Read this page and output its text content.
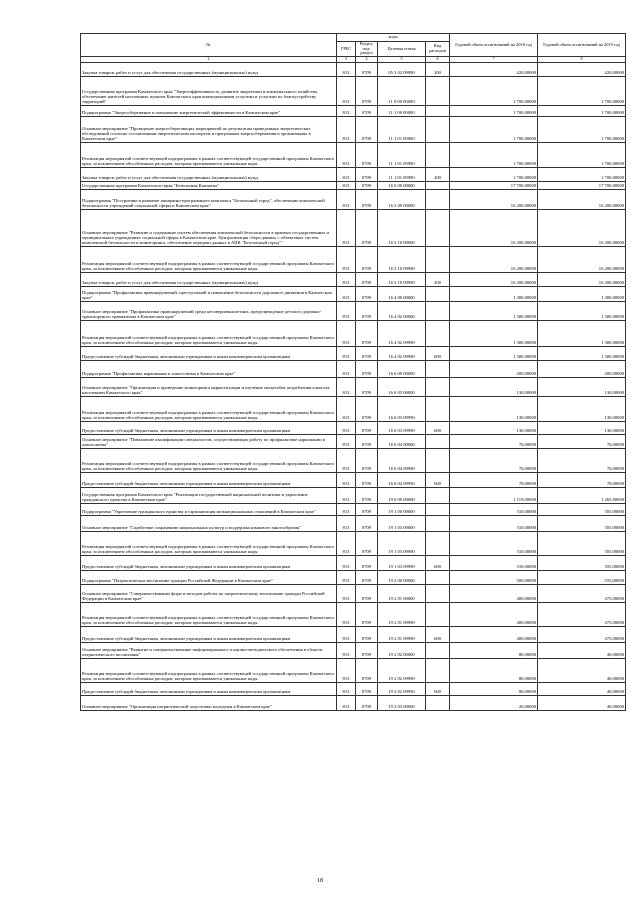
№	коды				Годовой объем ассигнований на 2018 год	Годовой объем ассигнований на 2019 год
	ГРБС	Раздел, под-раздел	Целевая статья	Вид расходов		
2	3	4	5	6	7	8
Закупка товаров, работ и услуг для обеспечения государственных (муниципальных) нужд	813	0709	05 3 02 09990	200	420,00000	420,00000
Государственная программа Камчатского края "Энергоэффективность, развитие энергетики и коммунального хозяйства, обеспечение жителей населенных пунктов Камчатского края коммунальными услугами и услугами по благоустройству территорий"	813	0709	11 0 00 00000		1 700,00000	1 700,00000
Подпрограмма "Энергосбережение и повышение энергетической эффективности в Камчатском крае"	813	0709	11 1 00 00000		1 700,00000	1 700,00000
Основное мероприятие "Проведение энергосберегающих мероприятий по результатам проведенных энергетических обследований согласно составленным энергетическим паспортам и программам энергосбережения в организациях в Камчатском крае"	813	0709	11 1 01 00000		1 700,00000	1 700,00000
Реализация мероприятий соответствующей подпрограммы в рамках соответствующей государственной программы Камчатского края, за исключением обособленных расходов, которым присваиваются уникальные коды	813	0709	11 1 01 09990		1 700,00000	1 700,00000
Закупка товаров, работ и услуг для обеспечения государственных (муниципальных) нужд	813	0709	11 1 01 09990	200	1 700,00000	1 700,00000
Государственная программа Камчатского края "Безопасная Камчатка"	813	0709	16 0 00 00000		17 700,00000	17 700,00000
Подпрограмма "Построение и развитие аппаратно-программного комплекса "Безопасный город", обеспечение комплексной безопасности учреждений социальной сферы в Камчатском крае"	813	0709	16 3 00 00000		16 200,00000	16 200,00000
Основное мероприятие "Развитие и содержание систем обеспечения комплексной безопасности в краевых государственных и муниципальных учреждениях социальной сферы в Камчатском крае. Централизация сбора данных с объектовых систем комплексной безопасности и мониторинга, обеспечение передачи данных в АПК "Безопасный город""	813	0709	16 3 10 00000		16 200,00000	16 200,00000
Реализация мероприятий соответствующей подпрограммы в рамках соответствующей государственной программы Камчатского края, за исключением обособленных расходов, которым присваиваются уникальные коды	813	0709	16 3 10 09990		16 200,00000	16 200,00000
Закупка товаров, работ и услуг для обеспечения государственных (муниципальных) нужд	813	0709	16 3 10 09990	200	16 200,00000	16 200,00000
Подпрограмма "Профилактика правонарушений, преступлений и повышение безопасности дорожного движения в Камчатском крае"	813	0709	16 4 00 00000		1 300,00000	1 300,00000
Основное мероприятие "Профилактика правонарушений среди несовершеннолетних, предупреждение детского дорожно-транспортного травматизма в Камчатском крае"	813	0709	16 4 02 00000		1 300,00000	1 300,00000
Реализация мероприятий соответствующей подпрограммы в рамках соответствующей государственной программы Камчатского края, за исключением обособленных расходов, которым присваиваются уникальные коды	813	0709	16 4 02 09990		1 300,00000	1 300,00000
Предоставление субсидий бюджетным, автономным учреждениям и иным некоммерческим организациям	813	0709	16 4 02 09990	600	1 300,00000	1 300,00000
Подпрограмма "Профилактика наркомании и алкоголизма в Камчатском крае"	813	0709	16 6 00 00000		200,00000	200,00000
Основное мероприятие "Организация и проведение мониторинга наркоситуации и изучение масштабов потребления алкоголя населением Камчатского края"	813	0709	16 6 03 00000		130,00000	130,00000
Реализация мероприятий соответствующей подпрограммы в рамках соответствующей государственной программы Камчатского края, за исключением обособленных расходов, которым присваиваются уникальные коды	813	0709	16 6 03 09990		130,00000	130,00000
Предоставление субсидий бюджетным, автономным учреждениям и иным некоммерческим организациям	813	0709	16 6 03 09990	600	130,00000	130,00000
Основное мероприятие "Повышение квалификации специалистов, осуществляющих работу по профилактике наркомании и алкоголизма"	813	0709	16 6 04 00000		70,00000	70,00000
Реализация мероприятий соответствующей подпрограммы в рамках соответствующей государственной программы Камчатского края, за исключением обособленных расходов, которым присваиваются уникальные коды	813	0709	16 6 04 09990		70,00000	70,00000
Предоставление субсидий бюджетным, автономным учреждениям и иным некоммерческим организациям	813	0709	16 6 04 09990	600	70,00000	70,00000
Государственная программа Камчатского края "Реализация государственной национальной политики и укрепление гражданского единства в Камчатском крае"	813	0709	19 0 00 00000		1 119,00000	1 265,00000
Подпрограмма "Укрепление гражданского единства и гармонизация межнациональных отношений в Камчатском крае"	813	0709	19 1 00 00000		310,00000	355,00000
Основное мероприятие "Содействие сохранению национальных культур и поддержка языкового многообразия"	813	0709	19 1 03 00000		310,00000	355,00000
Реализация мероприятий соответствующей подпрограммы в рамках соответствующей государственной программы Камчатского края, за исключением обособленных расходов, которым присваиваются уникальные коды	813	0709	19 1 03 09990		310,00000	355,00000
Предоставление субсидий бюджетным, автономным учреждениям и иным некоммерческим организациям	813	0709	19 1 03 09990	600	310,00000	355,00000
Подпрограмма "Патриотическое воспитание граждан Российской Федерации в Камчатском крае"	813	0709	19 2 00 00000		500,00000	555,00000
Основное мероприятие "Совершенствование форм и методов работы по патриотическому воспитанию граждан Российской Федерации в Камчатском крае"	813	0709	19 2 01 00000		400,00000	475,00000
Реализация мероприятий соответствующей подпрограммы в рамках соответствующей государственной программы Камчатского края, за исключением обособленных расходов, которым присваиваются уникальные коды	813	0709	19 2 01 09990		400,00000	475,00000
Предоставление субсидий бюджетным, автономным учреждениям и иным некоммерческим организациям	813	0709	19 2 01 09990	600	400,00000	475,00000
Основное мероприятие "Развитие и совершенствование информационного и научно-методического обеспечения в области патриотического воспитания"	813	0709	19 2 02 00000		80,00000	40,00000
Реализация мероприятий соответствующей подпрограммы в рамках соответствующей государственной программы Камчатского края, за исключением обособленных расходов, которым присваиваются уникальные коды	813	0709	19 2 02 09990		80,00000	40,00000
Предоставление субсидий бюджетным, автономным учреждениям и иным некоммерческим организациям	813	0709	19 2 02 09990	600	80,00000	40,00000
Основное мероприятие "Организация патриотической подготовки молодежи в Камчатском крае"	813	0709	19 2 03 00000		20,00000	40,00000
18
